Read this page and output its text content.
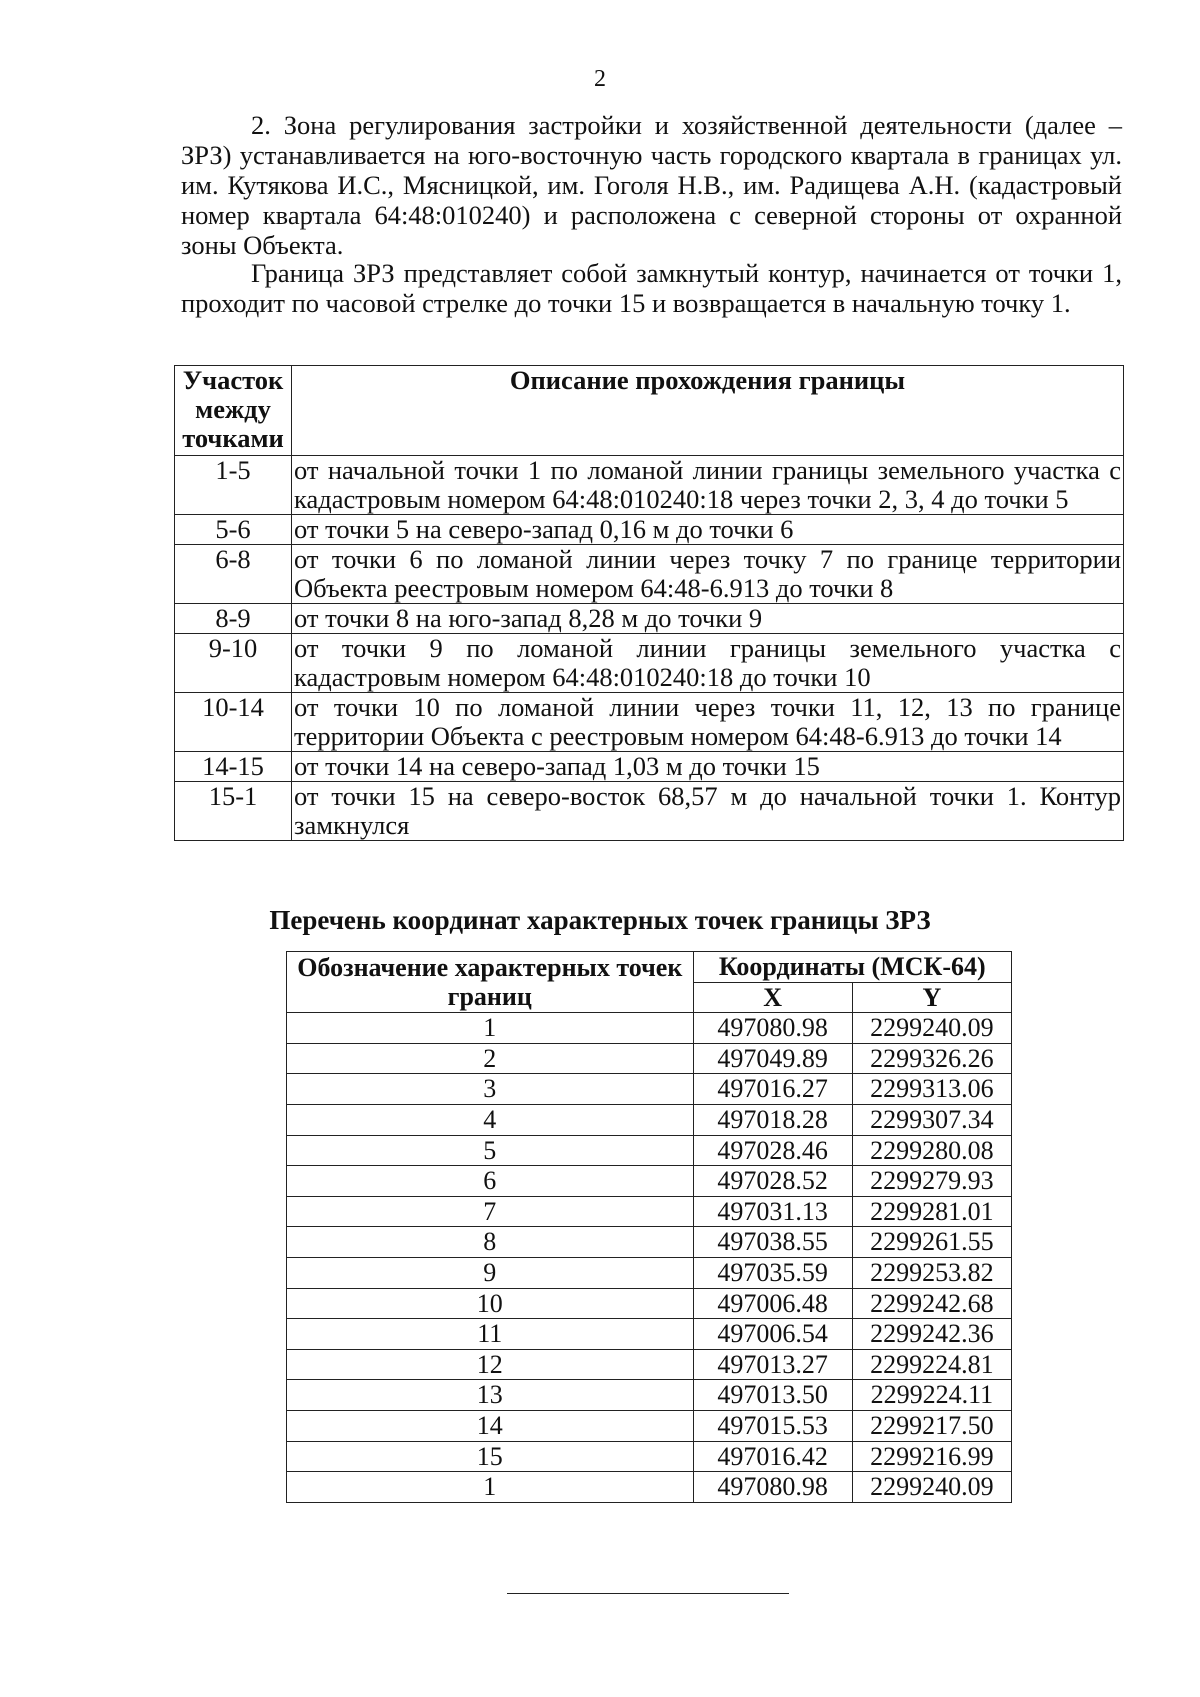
2

2. Зона регулирования застройки и хозяйственной деятельности (далее – ЗРЗ) устанавливается на юго-восточную часть городского квартала в границах ул. им. Кутякова И.С., Мясницкой, им. Гоголя Н.В., им. Радищева А.Н. (кадастровый номер квартала 64:48:010240) и расположена с северной стороны от охранной зоны Объекта.

Граница ЗРЗ представляет собой замкнутый контур, начинается от точки 1, проходит по часовой стрелке до точки 15 и возвращается в начальную точку 1.

Участок между точками	Описание прохождения границы
1-5	от начальной точки 1 по ломаной линии границы земельного участка с кадастровым номером 64:48:010240:18 через точки 2, 3, 4 до точки 5
5-6	от точки 5 на северо-запад 0,16 м до точки 6
6-8	от точки 6 по ломаной линии через точку 7 по границе территории Объекта реестровым номером 64:48-6.913 до точки 8
8-9	от точки 8 на юго-запад 8,28 м до точки 9
9-10	от точки 9 по ломаной линии границы земельного участка с кадастровым номером 64:48:010240:18 до точки 10
10-14	от точки 10 по ломаной линии через точки 11, 12, 13 по границе территории Объекта с реестровым номером 64:48-6.913 до точки 14
14-15	от точки 14 на северо-запад 1,03 м до точки 15
15-1	от точки 15 на северо-восток 68,57 м до начальной точки 1. Контур замкнулся
Перечень координат характерных точек границы ЗРЗ
Обозначение характерных точек границ	Координаты (МСК-64)	
	X	Y
1	497080.98	2299240.09
2	497049.89	2299326.26
3	497016.27	2299313.06
4	497018.28	2299307.34
5	497028.46	2299280.08
6	497028.52	2299279.93
7	497031.13	2299281.01
8	497038.55	2299261.55
9	497035.59	2299253.82
10	497006.48	2299242.68
11	497006.54	2299242.36
12	497013.27	2299224.81
13	497013.50	2299224.11
14	497015.53	2299217.50
15	497016.42	2299216.99
1	497080.98	2299240.09
